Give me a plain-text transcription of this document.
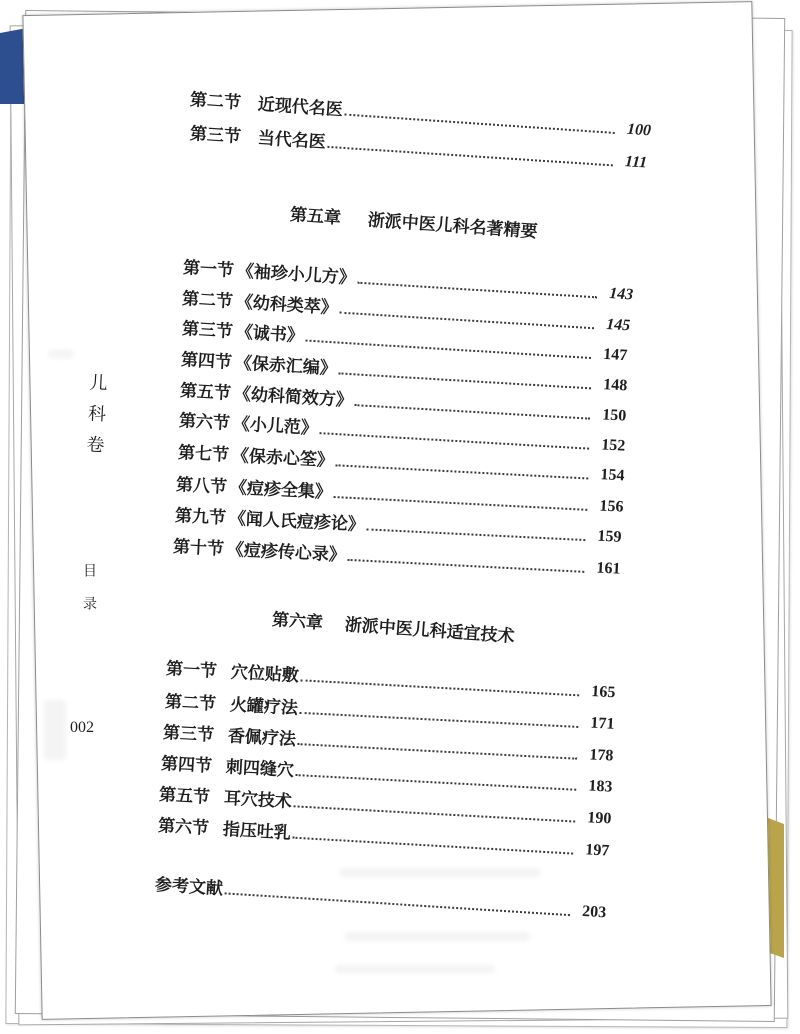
儿科卷
目录
002
第二节 近现代名医
100
第三节 当代名医
111
第五章 浙派中医儿科名著精要
第一节 《袖珍小儿方》
143
第二节 《幼科类萃》
145
第三节 《诚书》
147
第四节 《保赤汇编》
148
第五节 《幼科简效方》
150
第六节 《小儿范》
152
第七节 《保赤心筌》
154
第八节 《痘疹全集》
156
第九节 《闻人氏痘疹论》
159
第十节 《痘疹传心录》
161
第六章 浙派中医儿科适宜技术
第一节 穴位贴敷
165
第二节 火罐疗法
171
第三节 香佩疗法
178
第四节 刺四缝穴
183
第五节 耳穴技术
190
第六节 指压吐乳
197
参考文献
203
